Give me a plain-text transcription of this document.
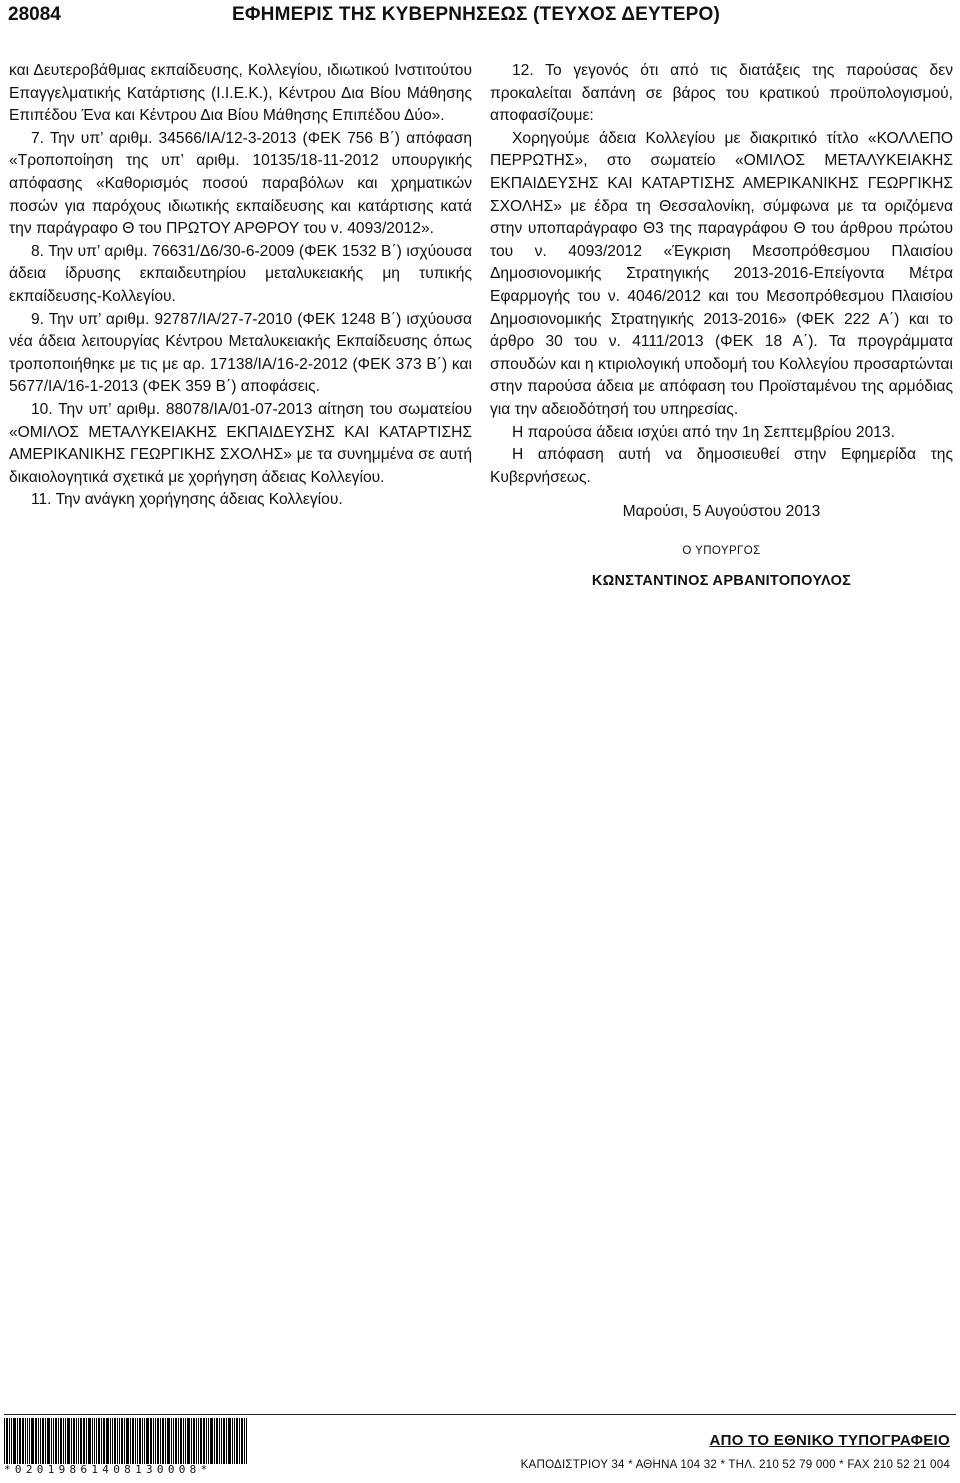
28084	ΕΦΗΜΕΡΙΣ ΤΗΣ ΚΥΒΕΡΝΗΣΕΩΣ (ΤΕΥΧΟΣ ΔΕΥΤΕΡΟ)

και Δευτεροβάθμιας εκπαίδευσης, Κολλεγίου, ιδιωτικού Ινστιτούτου Επαγγελματικής Κατάρτισης (Ι.Ι.Ε.Κ.), Κέντρου Δια Βίου Μάθησης Επιπέδου Ένα και Κέντρου Δια Βίου Μάθησης Επιπέδου Δύο».

7. Την υπ’ αριθμ. 34566/ΙΑ/12-3-2013 (ΦΕΚ 756 Β΄) απόφαση «Τροποποίηση της υπ’ αριθμ. 10135/18-11-2012 υπουργικής απόφασης «Καθορισμός ποσού παραβόλων και χρηματικών ποσών για παρόχους ιδιωτικής εκπαίδευσης και κατάρτισης κατά την παράγραφο Θ του ΠΡΩΤΟΥ ΑΡΘΡΟΥ του ν. 4093/2012».

8. Την υπ’ αριθμ. 76631/Δ6/30-6-2009 (ΦΕΚ 1532 Β΄) ισχύουσα άδεια ίδρυσης εκπαιδευτηρίου μεταλυκειακής μη τυπικής εκπαίδευσης-Κολλεγίου.

9. Την υπ’ αριθμ. 92787/ΙΑ/27-7-2010 (ΦΕΚ 1248 Β΄) ισχύουσα νέα άδεια λειτουργίας Κέντρου Μεταλυκειακής Εκπαίδευσης όπως τροποποιήθηκε με τις με αρ. 17138/ΙΑ/16-2-2012 (ΦΕΚ 373 Β΄) και 5677/ΙΑ/16-1-2013 (ΦΕΚ 359 Β΄) αποφάσεις.

10. Την υπ’ αριθμ. 88078/ΙΑ/01-07-2013 αίτηση του σωματείου «ΟΜΙΛΟΣ ΜΕΤΑΛΥΚΕΙΑΚΗΣ ΕΚΠΑΙΔΕΥΣΗΣ ΚΑΙ ΚΑΤΑΡΤΙΣΗΣ ΑΜΕΡΙΚΑΝΙΚΗΣ ΓΕΩΡΓΙΚΗΣ ΣΧΟΛΗΣ» με τα συνημμένα σε αυτή δικαιολογητικά σχετικά με χορήγηση άδειας Κολλεγίου.

11. Την ανάγκη χορήγησης άδειας Κολλεγίου.

12. Το γεγονός ότι από τις διατάξεις της παρούσας δεν προκαλείται δαπάνη σε βάρος του κρατικού προϋπολογισμού, αποφασίζουμε:

Χορηγούμε άδεια Κολλεγίου με διακριτικό τίτλο «ΚΟΛΛΕΠΟ ΠΕΡΡΩΤΗΣ», στο σωματείο «ΟΜΙΛΟΣ ΜΕΤΑΛΥΚΕΙΑΚΗΣ ΕΚΠΑΙΔΕΥΣΗΣ ΚΑΙ ΚΑΤΑΡΤΙΣΗΣ ΑΜΕΡΙΚΑΝΙΚΗΣ ΓΕΩΡΓΙΚΗΣ ΣΧΟΛΗΣ» με έδρα τη Θεσσαλονίκη, σύμφωνα με τα οριζόμενα στην υποπαράγραφο Θ3 της παραγράφου Θ του άρθρου πρώτου του ν. 4093/2012 «Έγκριση Μεσοπρόθεσμου Πλαισίου Δημοσιονομικής Στρατηγικής 2013-2016-Επείγοντα Μέτρα Εφαρμογής του ν. 4046/2012 και του Μεσοπρόθεσμου Πλαισίου Δημοσιονομικής Στρατηγικής 2013-2016» (ΦΕΚ 222 Α΄) και το άρθρο 30 του ν. 4111/2013 (ΦΕΚ 18 Α΄). Τα προγράμματα σπουδών και η κτιριολογική υποδομή του Κολλεγίου προσαρτώνται στην παρούσα άδεια με απόφαση του Προϊσταμένου της αρμόδιας για την αδειοδότησή του υπηρεσίας.

Η παρούσα άδεια ισχύει από την 1η Σεπτεμβρίου 2013.

Η απόφαση αυτή να δημοσιευθεί στην Εφημερίδα της Κυβερνήσεως.

Μαρούσι, 5 Αυγούστου 2013

Ο ΥΠΟΥΡΓΟΣ

ΚΩΝΣΤΑΝΤΙΝΟΣ ΑΡΒΑΝΙΤΟΠΟΥΛΟΣ

*02019861408130008*
ΑΠΟ ΤΟ ΕΘΝΙΚΟ ΤΥΠΟΓΡΑΦΕΙΟ
ΚΑΠΟΔΙΣΤΡΙΟΥ 34 * ΑΘΗΝΑ 104 32 * ΤΗΛ. 210 52 79 000 * FAX 210 52 21 004
